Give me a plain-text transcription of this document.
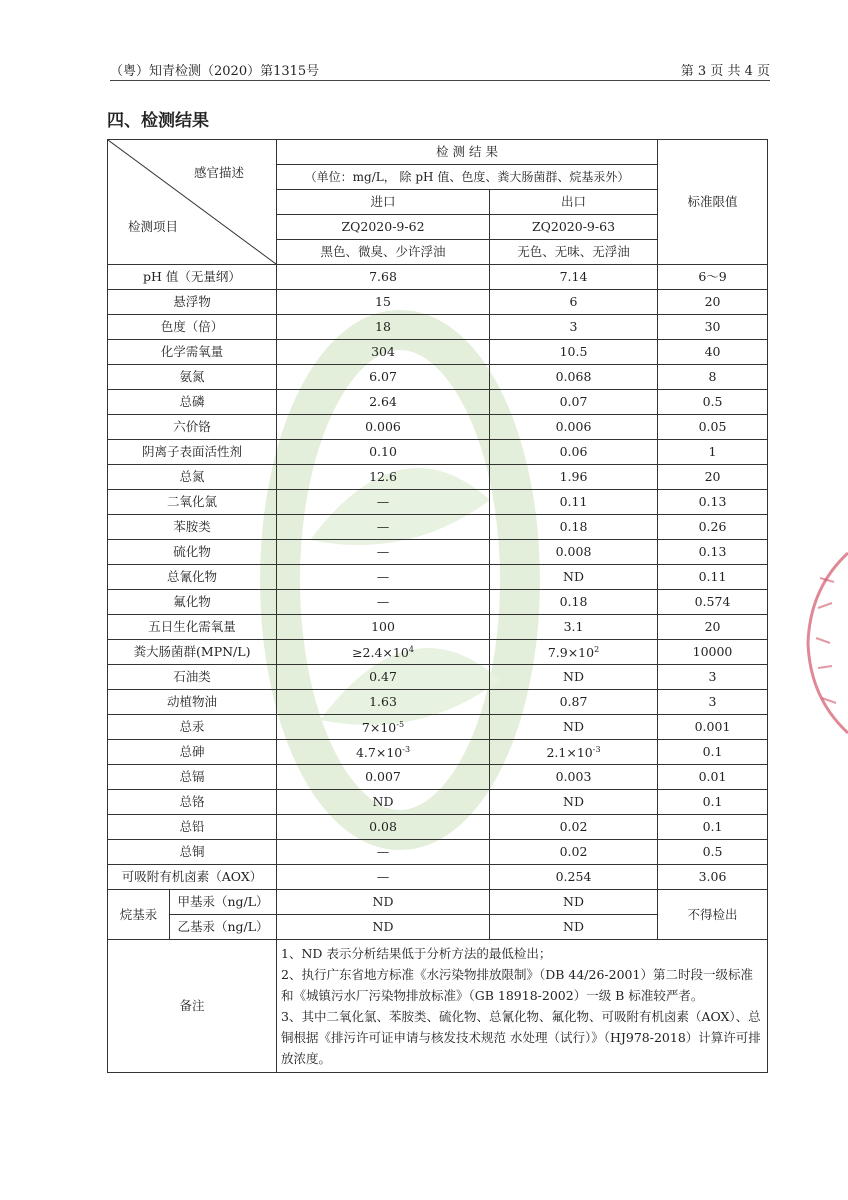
（粤）知青检测（2020）第1315号	第 3 页 共 4 页
四、检测结果
感官描述
检测项目		检 测 结 果		标准限值
		（单位：mg/L， 除 pH 值、色度、粪大肠菌群、烷基汞外）		
		进口	出口	
		ZQ2020-9-62	ZQ2020-9-63	
		黑色、微臭、少许浮油	无色、无味、无浮油	
pH 值（无量纲）		7.68	7.14	6～9
悬浮物		15	6	20
色度（倍）		18	3	30
化学需氧量		304	10.5	40
氨氮		6.07	0.068	8
总磷		2.64	0.07	0.5
六价铬		0.006	0.006	0.05
阴离子表面活性剂		0.10	0.06	1
总氮		12.6	1.96	20
二氧化氯		—	0.11	0.13
苯胺类		—	0.18	0.26
硫化物		—	0.008	0.13
总氰化物		—	ND	0.11
氟化物		—	0.18	0.574
五日生化需氧量		100	3.1	20
粪大肠菌群(MPN/L)		$\ge 2.4\times 10^4$	$7.9\times 10^2$	10000
石油类		0.47	ND	3
动植物油		1.63	0.87	3
总汞		$7\times 10^{-5}$	ND	0.001
总砷		$4.7\times 10^{-3}$	$2.1\times 10^{-3}$	0.1
总镉		0.007	0.003	0.01
总铬		ND	ND	0.1
总铅		0.08	0.02	0.1
总铜		—	0.02	0.5
可吸附有机卤素（AOX）		—	0.254	3.06
烷基汞	甲基汞（ng/L）	ND	ND	不得检出
	乙基汞（ng/L）	ND	ND	
备注		1、ND 表示分析结果低于分析方法的最低检出；
2、执行广东省地方标准《水污染物排放限制》（DB 44/26-2001）第二时段一级标准和《城镇污水厂污染物排放标准》（GB 18918-2002）一级 B 标准较严者。
3、其中二氧化氯、苯胺类、硫化物、总氰化物、氟化物、可吸附有机卤素（AOX）、总铜根据《排污许可证申请与核发技术规范 水处理（试行）》（HJ978-2018）计算许可排放浓度。		
